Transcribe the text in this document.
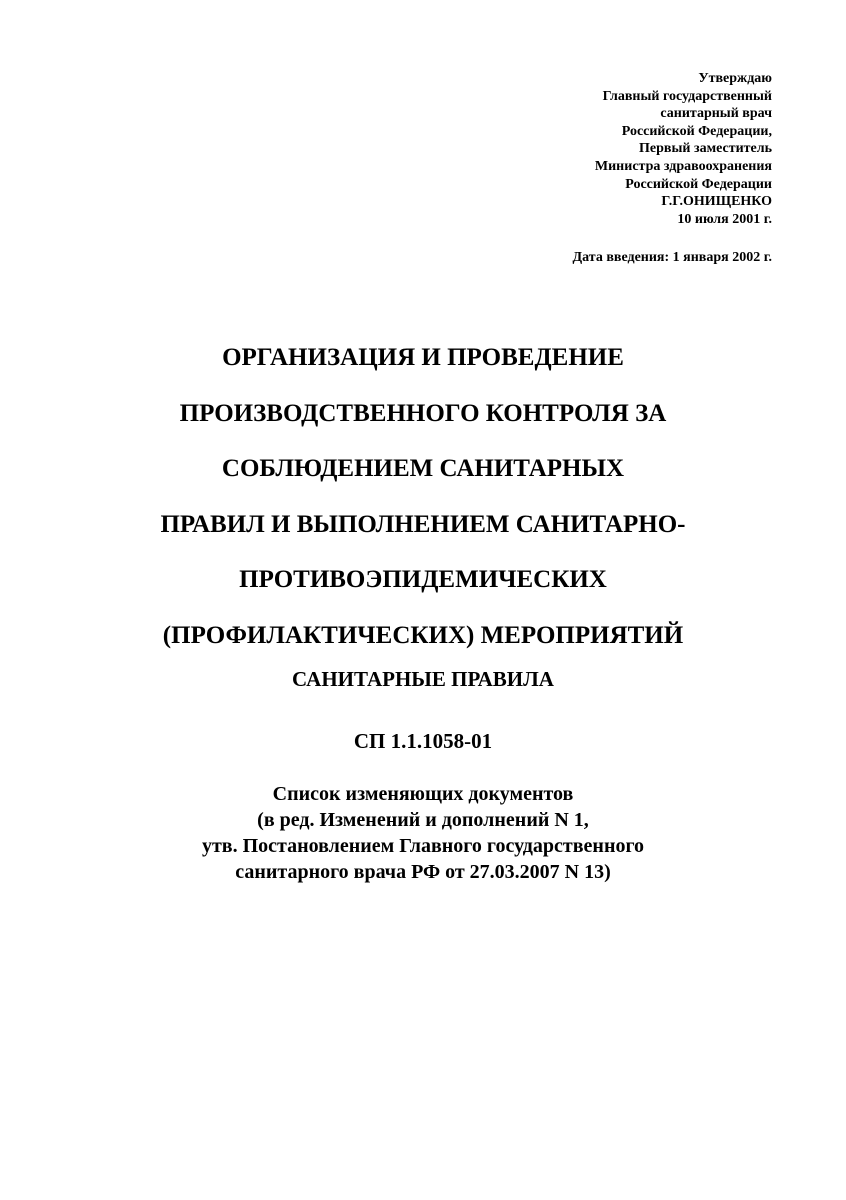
Утверждаю
Главный государственный
санитарный врач
Российской Федерации,
Первый заместитель
Министра здравоохранения
Российской Федерации
Г.Г.ОНИЩЕНКО
10 июля 2001 г.
Дата введения: 1 января 2002 г.
ОРГАНИЗАЦИЯ И ПРОВЕДЕНИЕ
ПРОИЗВОДСТВЕННОГО КОНТРОЛЯ ЗА
СОБЛЮДЕНИЕМ САНИТАРНЫХ
ПРАВИЛ И ВЫПОЛНЕНИЕМ САНИТАРНО-
ПРОТИВОЭПИДЕМИЧЕСКИХ
(ПРОФИЛАКТИЧЕСКИХ) МЕРОПРИЯТИЙ
САНИТАРНЫЕ ПРАВИЛА
СП 1.1.1058-01
Список изменяющих документов
(в ред. Изменений и дополнений N 1,
утв. Постановлением Главного государственного
санитарного врача РФ от 27.03.2007 N 13)
